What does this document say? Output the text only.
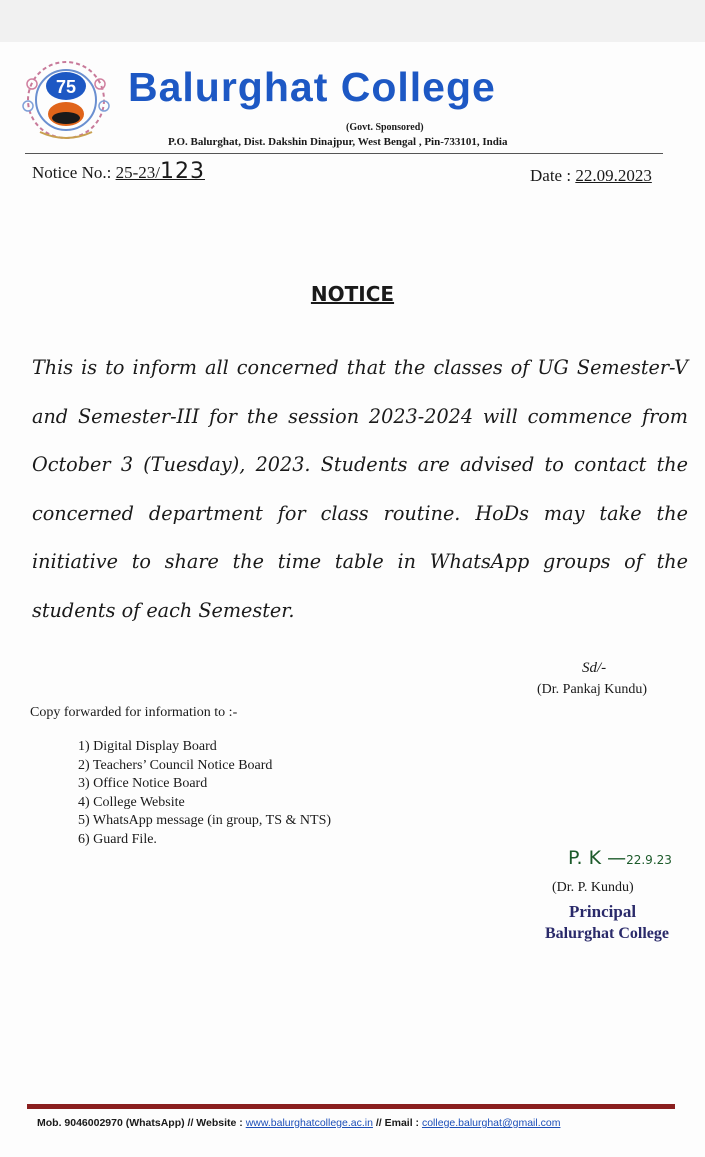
75 Balurghat College
(Govt. Sponsored)
P.O. Balurghat, Dist. Dakshin Dinajpur, West Bengal , Pin-733101, India
Notice No.: 25-23/123	Date : 22.09.2023
NOTICE
This is to inform all concerned that the classes of UG Semester-V and Semester-III for the session 2023-2024 will commence from October 3 (Tuesday), 2023. Students are advised to contact the concerned department for class routine. HoDs may take the initiative to share the time table in WhatsApp groups of the students of each Semester.
Sd/-
(Dr. Pankaj Kundu)
Copy forwarded for information to :-
1) Digital Display Board
2) Teachers’ Council Notice Board
3) Office Notice Board
4) College Website
5) WhatsApp message (in group, TS & NTS)
6) Guard File.
P. K —22.9.23
(Dr. P. Kundu)
Principal
Balurghat College
Mob. 9046002970 (WhatsApp) // Website : www.balurghatcollege.ac.in // Email : college.balurghat@gmail.com
